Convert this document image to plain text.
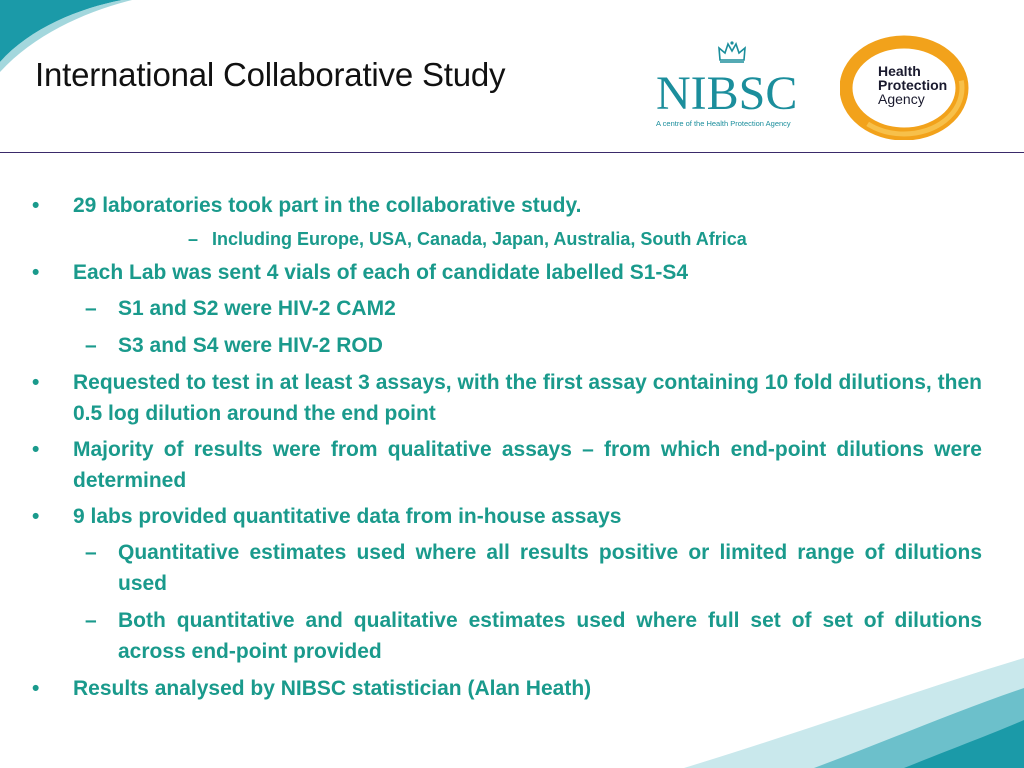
International Collaborative Study	NIBSC
A centre of the Health Protection Agency
Health
Protection
Agency
• 29 laboratories took part in the collaborative study.
– Including Europe, USA, Canada, Japan, Australia, South Africa
• Each Lab was sent 4 vials of each of candidate labelled S1-S4
– S1 and S2 were HIV-2 CAM2
– S3 and S4 were HIV-2 ROD
• Requested to test in at least 3 assays, with the first assay containing 10 fold dilutions, then 0.5 log dilution around the end point
• Majority of results were from qualitative assays – from which end-point dilutions were determined
• 9 labs provided quantitative data from in-house assays
– Quantitative estimates used where all results positive or limited range of dilutions used
– Both quantitative and qualitative estimates used where full set of set of dilutions across end-point provided
• Results analysed by NIBSC statistician (Alan Heath)
